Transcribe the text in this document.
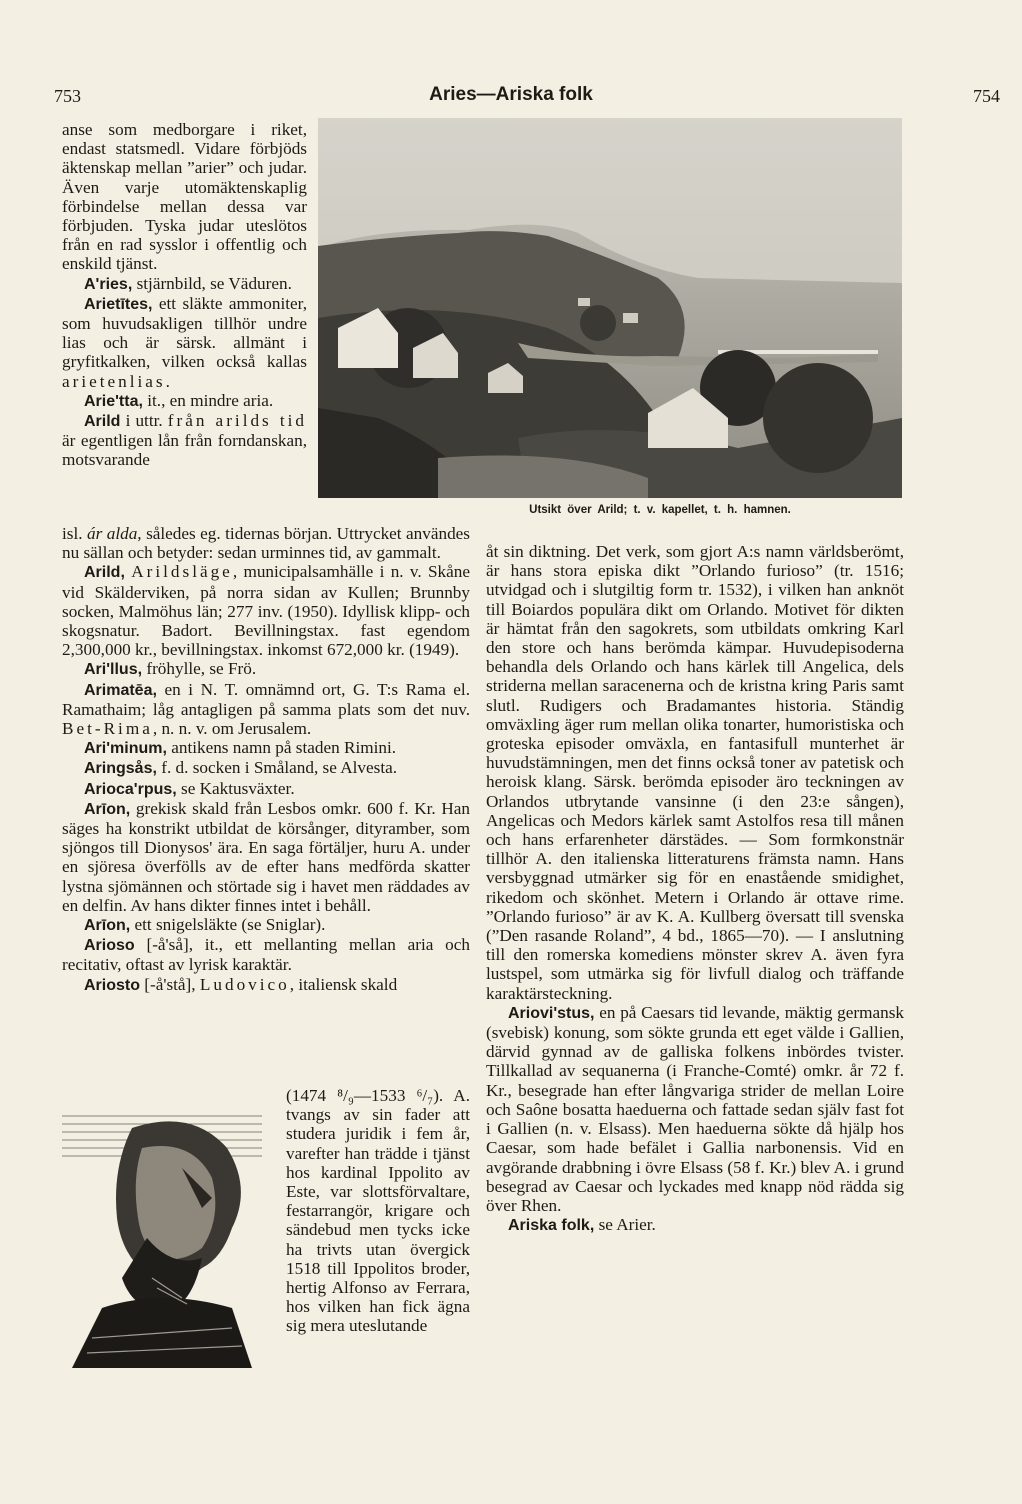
753	Aries—Ariska folk	754
Utsikt över Arild; t. v. kapellet, t. h. hamnen.

anse som medborgare i riket, endast statsmedl. Vidare förbjöds äktenskap mellan ”arier” och judar. Även varje utomäktenskaplig förbindelse mellan dessa var förbjuden. Tyska judar uteslötos från en rad sysslor i offentlig och enskild tjänst.

A'ries, stjärnbild, se Väduren.

Arietītes, ett släkte ammoniter, som huvudsakligen tillhör undre lias och är särsk. allmänt i gryfitkalken, vilken också kallas arietenlias.

Arie'tta, it., en mindre aria.

Arild i uttr. från arilds tid är egentligen lån från forndanskan, motsvarande

isl. ár alda, således eg. tidernas början. Uttrycket användes nu sällan och betyder: sedan urminnes tid, av gammalt.

Arild, Arildsläge, municipalsamhälle i n. v. Skåne vid Skälderviken, på norra sidan av Kullen; Brunnby socken, Malmöhus län; 277 inv. (1950). Idyllisk klipp- och skogsnatur. Badort. Bevillningstax. fast egendom 2,300,000 kr., bevillningstax. inkomst 672,000 kr. (1949).

Ari'llus, fröhylle, se Frö.

Arimatēa, en i N. T. omnämnd ort, G. T:s Rama el. Ramathaim; låg antagligen på samma plats som det nuv. Bet-Rima, n. n. v. om Jerusalem.

Ari'minum, antikens namn på staden Rimini.

Aringsås, f. d. socken i Småland, se Alvesta.

Arioca'rpus, se Kaktusväxter.

Arīon, grekisk skald från Lesbos omkr. 600 f. Kr. Han säges ha konstrikt utbildat de körsånger, dityramber, som sjöngos till Dionysos' ära. En saga förtäljer, huru A. under en sjöresa överfölls av de efter hans medförda skatter lystna sjömännen och störtade sig i havet men räddades av en delfin. Av hans dikter finnes intet i behåll.

Arīon, ett snigelsläkte (se Sniglar).

Arioso [-å'så], it., ett mellanting mellan aria och recitativ, oftast av lyrisk karaktär.

Ariosto [-å'stå], Ludovico, italiensk skald

(1474 ⁸/₉—1533 ⁶/₇). A. tvangs av sin fader att studera juridik i fem år, varefter han trädde i tjänst hos kardinal Ippolito av Este, var slottsförvaltare, festarrangör, krigare och sändebud men tycks icke ha trivts utan övergick 1518 till Ippolitos broder, hertig Alfonso av Ferrara, hos vilken han fick ägna sig mera uteslutande

åt sin diktning. Det verk, som gjort A:s namn världsberömt, är hans stora episka dikt ”Orlando furioso” (tr. 1516; utvidgad och i slutgiltig form tr. 1532), i vilken han anknöt till Boiardos populära dikt om Orlando. Motivet för dikten är hämtat från den sagokrets, som utbildats omkring Karl den store och hans berömda kämpar. Huvudepisoderna behandla dels Orlando och hans kärlek till Angelica, dels striderna mellan saracenerna och de kristna kring Paris samt slutl. Rudigers och Bradamantes historia. Ständig omväxling äger rum mellan olika tonarter, humoristiska och groteska episoder omväxla, en fantasifull munterhet är huvudstämningen, men det finns också toner av patetisk och heroisk klang. Särsk. berömda episoder äro teckningen av Orlandos utbrytande vansinne (i den 23:e sången), Angelicas och Medors kärlek samt Astolfos resa till månen och hans erfarenheter därstädes. — Som formkonstnär tillhör A. den italienska litteraturens främsta namn. Hans versbyggnad utmärker sig för en enastående smidighet, rikedom och skönhet. Metern i Orlando är ottave rime. ”Orlando furioso” är av K. A. Kullberg översatt till svenska (”Den rasande Roland”, 4 bd., 1865—70). — I anslutning till den romerska komediens mönster skrev A. även fyra lustspel, som utmärka sig för livfull dialog och träffande karaktärsteckning.

Ariovi'stus, en på Caesars tid levande, mäktig germansk (svebisk) konung, som sökte grunda ett eget välde i Gallien, därvid gynnad av de galliska folkens inbördes tvister. Tillkallad av sequanerna (i Franche-Comté) omkr. år 72 f. Kr., besegrade han efter långvariga strider de mellan Loire och Saône bosatta haeduerna och fattade sedan själv fast fot i Gallien (n. v. Elsass). Men haeduerna sökte då hjälp hos Caesar, som hade befälet i Gallia narbonensis. Vid en avgörande drabbning i övre Elsass (58 f. Kr.) blev A. i grund besegrad av Caesar och lyckades med knapp nöd rädda sig över Rhen.

Ariska folk, se Arier.
